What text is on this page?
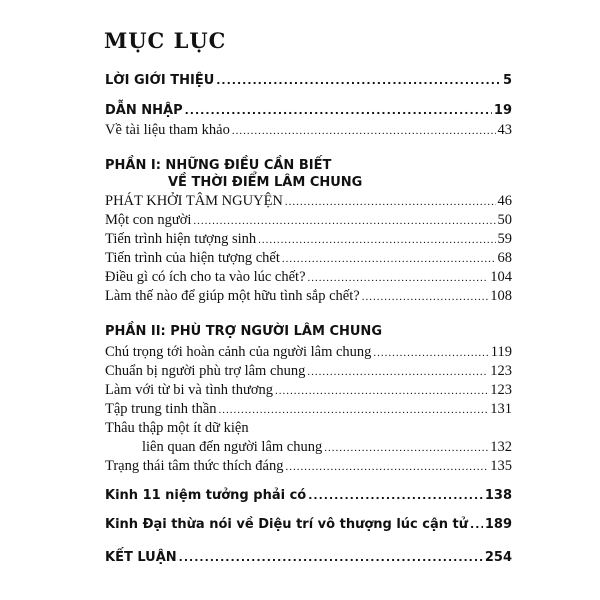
MỤC LỤC
LỜI GIỚI THIỆU .....	5
DẪN NHẬP .....	19
Về tài liệu tham khảo .....	43
PHẦN I: NHỮNG ĐIỀU CẦN BIẾT
VỀ THỜI ĐIỂM LÂM CHUNG
PHÁT KHỞI TÂM NGUYỆN .....	46
Một con người .....	50
Tiến trình hiện tượng sinh .....	59
Tiến trình của hiện tượng chết .....	68
Điều gì có ích cho ta vào lúc chết? .....	104
Làm thế nào để giúp một hữu tình sắp chết? .....	108
PHẦN II: PHÙ TRỢ NGƯỜI LÂM CHUNG
Chú trọng tới hoàn cảnh của người lâm chung .....	119
Chuẩn bị người phù trợ lâm chung .....	123
Làm với từ bi và tình thương .....	123
Tập trung tinh thần .....	131
Thâu thập một ít dữ kiện
liên quan đến người lâm chung .....	132
Trạng thái tâm thức thích đáng .....	135
Kinh 11 niệm tưởng phải có .....	138
Kinh Đại thừa nói về Diệu trí vô thượng lúc cận tử ..... 189
KẾT LUẬN .....	254
